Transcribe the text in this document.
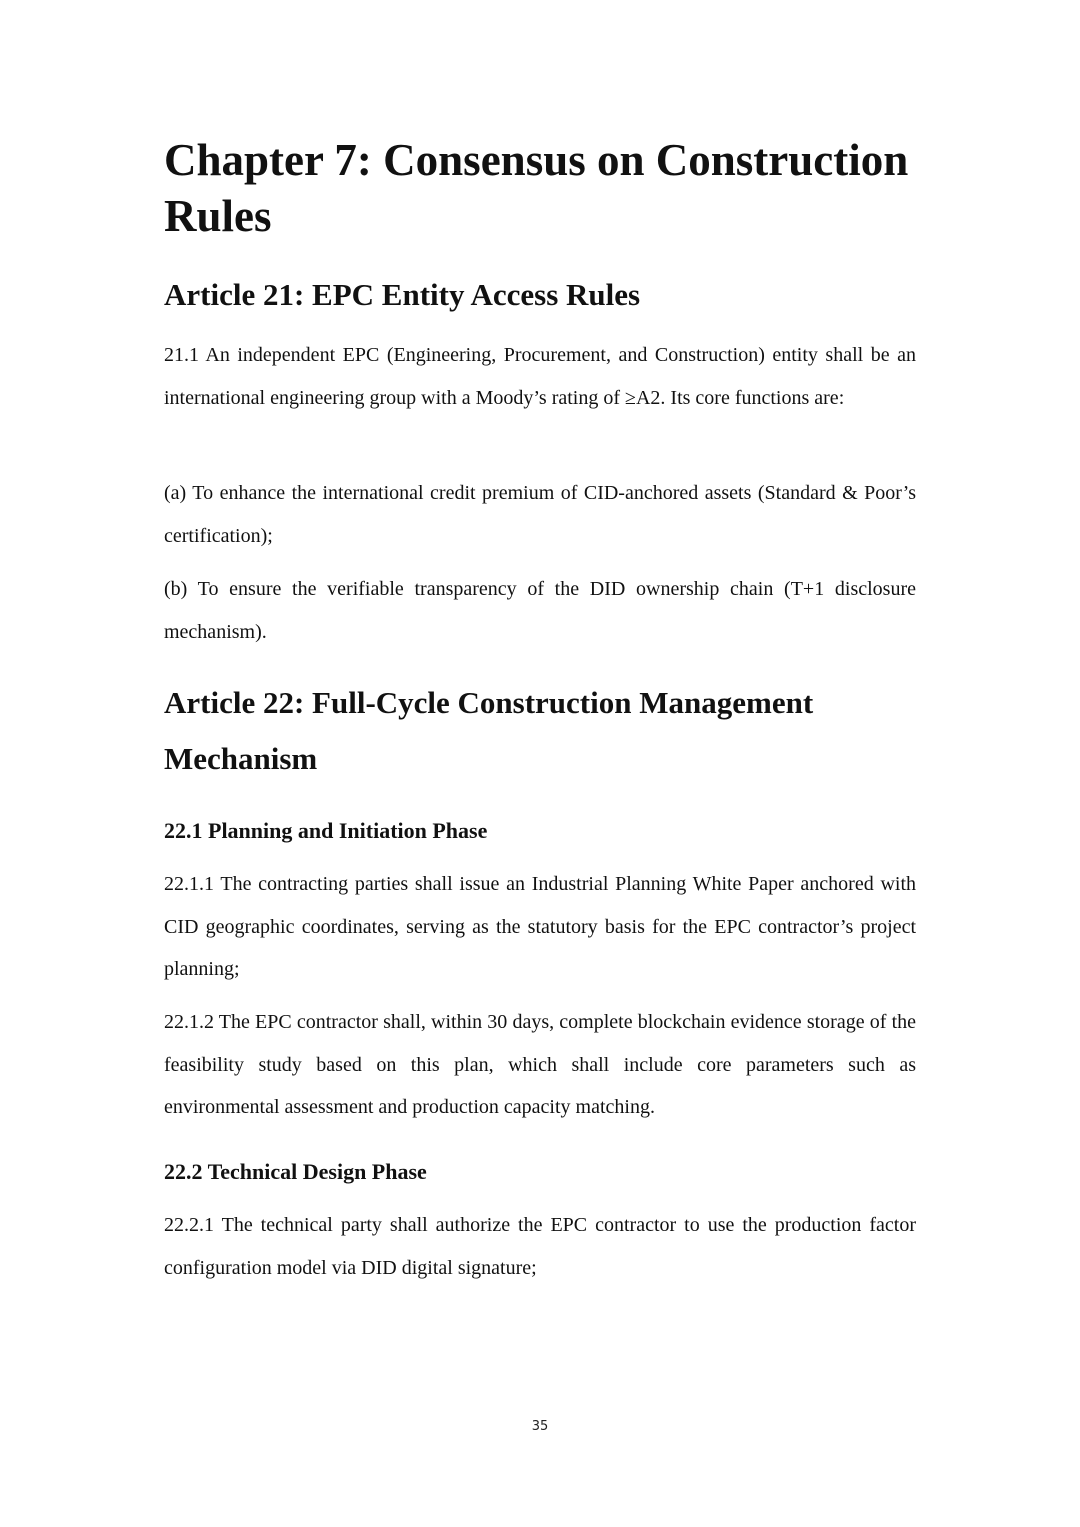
Chapter 7: Consensus on Construction Rules
Article 21: EPC Entity Access Rules

21.1 An independent EPC (Engineering, Procurement, and Construction) entity shall be an international engineering group with a Moody’s rating of ≥A2. Its core functions are:

(a) To enhance the international credit premium of CID-anchored assets (Standard & Poor’s certification);

(b) To ensure the verifiable transparency of the DID ownership chain (T+1 disclosure mechanism).

Article 22: Full-Cycle Construction Management Mechanism
22.1 Planning and Initiation Phase

22.1.1 The contracting parties shall issue an Industrial Planning White Paper anchored with CID geographic coordinates, serving as the statutory basis for the EPC contractor’s project planning;

22.1.2 The EPC contractor shall, within 30 days, complete blockchain evidence storage of the feasibility study based on this plan, which shall include core parameters such as environmental assessment and production capacity matching.

22.2 Technical Design Phase

22.2.1 The technical party shall authorize the EPC contractor to use the production factor configuration model via DID digital signature;

35
